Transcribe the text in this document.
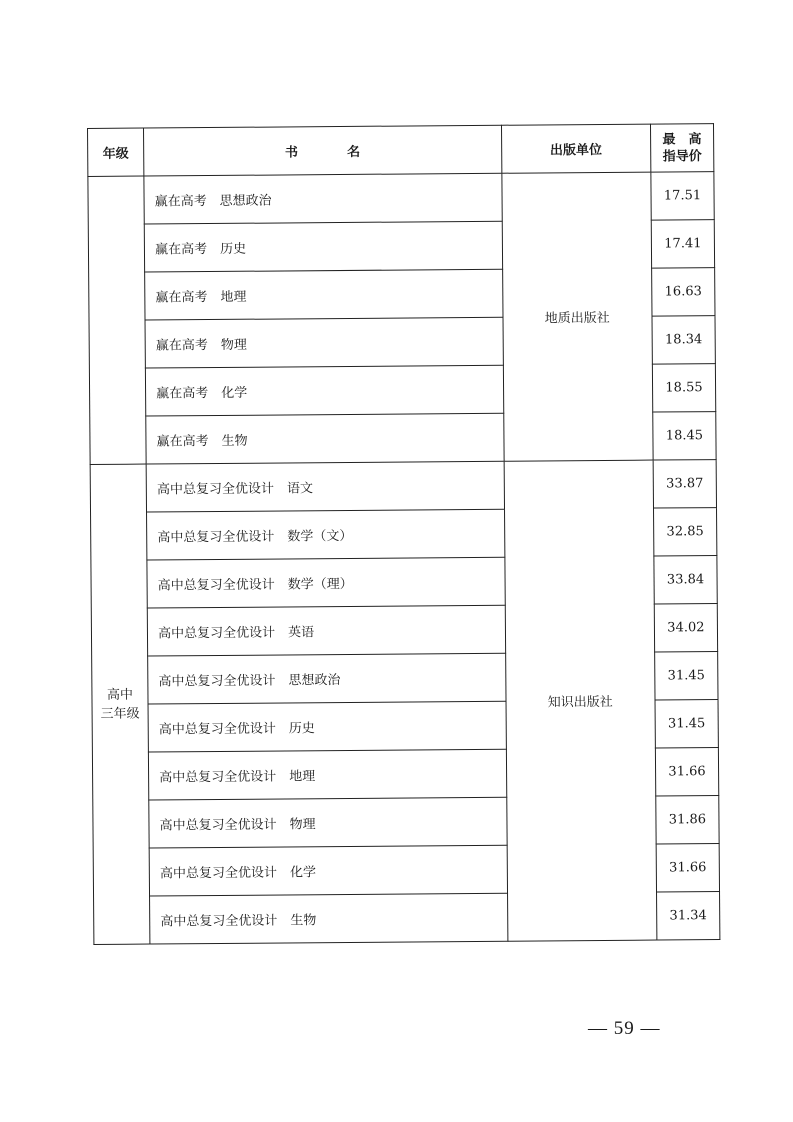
年级	书 名	出版单位	最　高
指导价

	赢在高考　思想政治	地质出版社	17.51
	赢在高考　历史		17.41
	赢在高考　地理		16.63
	赢在高考　物理		18.34
	赢在高考　化学		18.55
	赢在高考　生物		18.45

高中
三年级	高中总复习全优设计　语文	知识出版社	33.87
	高中总复习全优设计　数学（文）		32.85
	高中总复习全优设计　数学（理）		33.84
	高中总复习全优设计　英语		34.02
	高中总复习全优设计　思想政治		31.45
	高中总复习全优设计　历史		31.45
	高中总复习全优设计　地理		31.66
	高中总复习全优设计　物理		31.86
	高中总复习全优设计　化学		31.66
	高中总复习全优设计　生物		31.34
— 59 —
